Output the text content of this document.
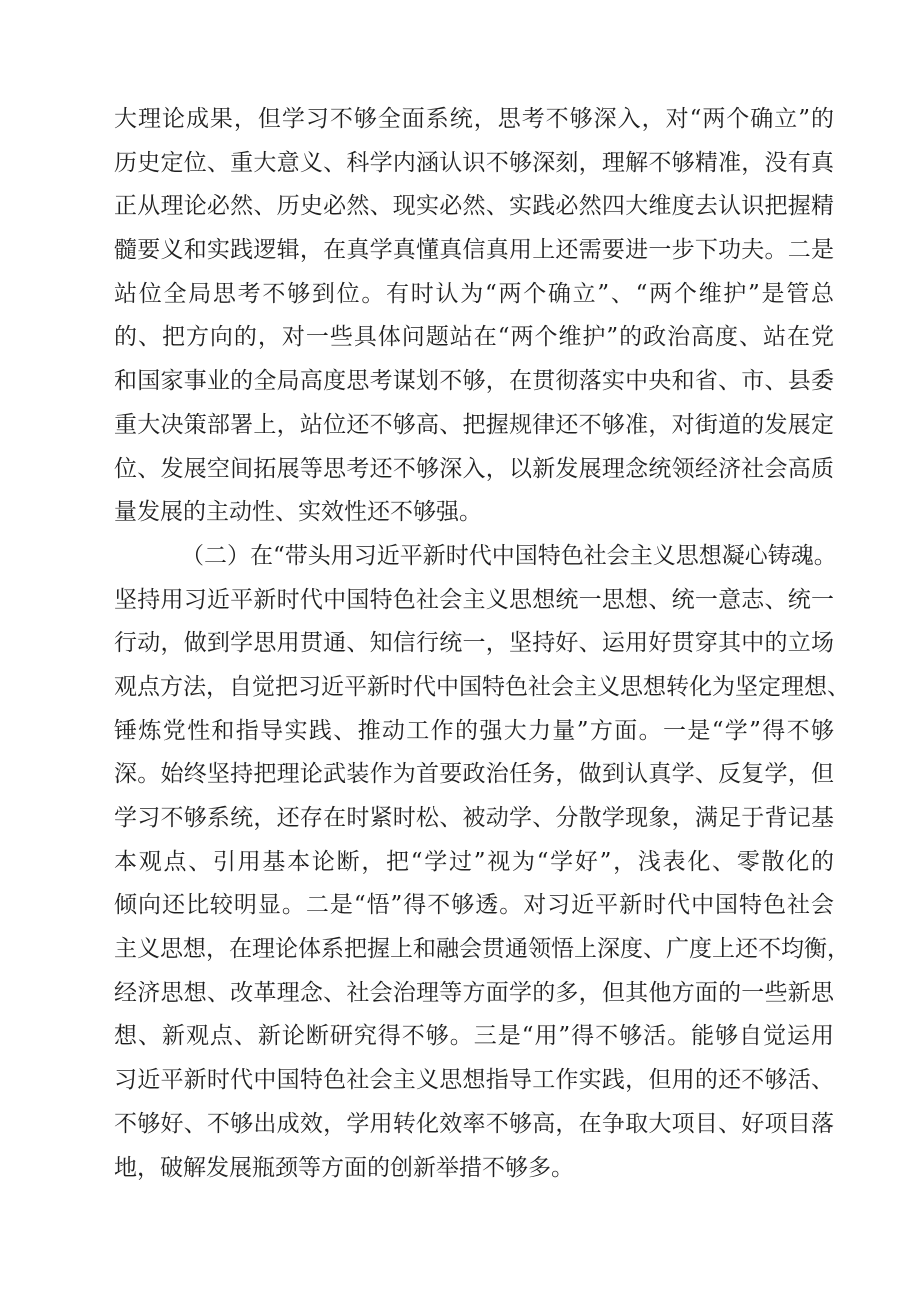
大理论成果，但学习不够全面系统，思考不够深入，对“两个确立”的
历史定位、重大意义、科学内涵认识不够深刻，理解不够精准，没有真
正从理论必然、历史必然、现实必然、实践必然四大维度去认识把握精
髓要义和实践逻辑，在真学真懂真信真用上还需要进一步下功夫。二是
站位全局思考不够到位。有时认为“两个确立”、“两个维护”是管总
的、把方向的，对一些具体问题站在“两个维护”的政治高度、站在党
和国家事业的全局高度思考谋划不够，在贯彻落实中央和省、市、县委
重大决策部署上，站位还不够高、把握规律还不够准，对街道的发展定
位、发展空间拓展等思考还不够深入，以新发展理念统领经济社会高质
量发展的主动性、实效性还不够强。
（二）在“带头用习近平新时代中国特色社会主义思想凝心铸魂。
坚持用习近平新时代中国特色社会主义思想统一思想、统一意志、统一
行动，做到学思用贯通、知信行统一，坚持好、运用好贯穿其中的立场
观点方法，自觉把习近平新时代中国特色社会主义思想转化为坚定理想、
锤炼党性和指导实践、推动工作的强大力量”方面。一是“学”得不够
深。始终坚持把理论武装作为首要政治任务，做到认真学、反复学，但
学习不够系统，还存在时紧时松、被动学、分散学现象，满足于背记基
本观点、引用基本论断，把“学过”视为“学好”，浅表化、零散化的
倾向还比较明显。二是“悟”得不够透。对习近平新时代中国特色社会
主义思想，在理论体系把握上和融会贯通领悟上深度、广度上还不均衡，
经济思想、改革理念、社会治理等方面学的多，但其他方面的一些新思
想、新观点、新论断研究得不够。三是“用”得不够活。能够自觉运用
习近平新时代中国特色社会主义思想指导工作实践，但用的还不够活、
不够好、不够出成效，学用转化效率不够高，在争取大项目、好项目落
地，破解发展瓶颈等方面的创新举措不够多。
